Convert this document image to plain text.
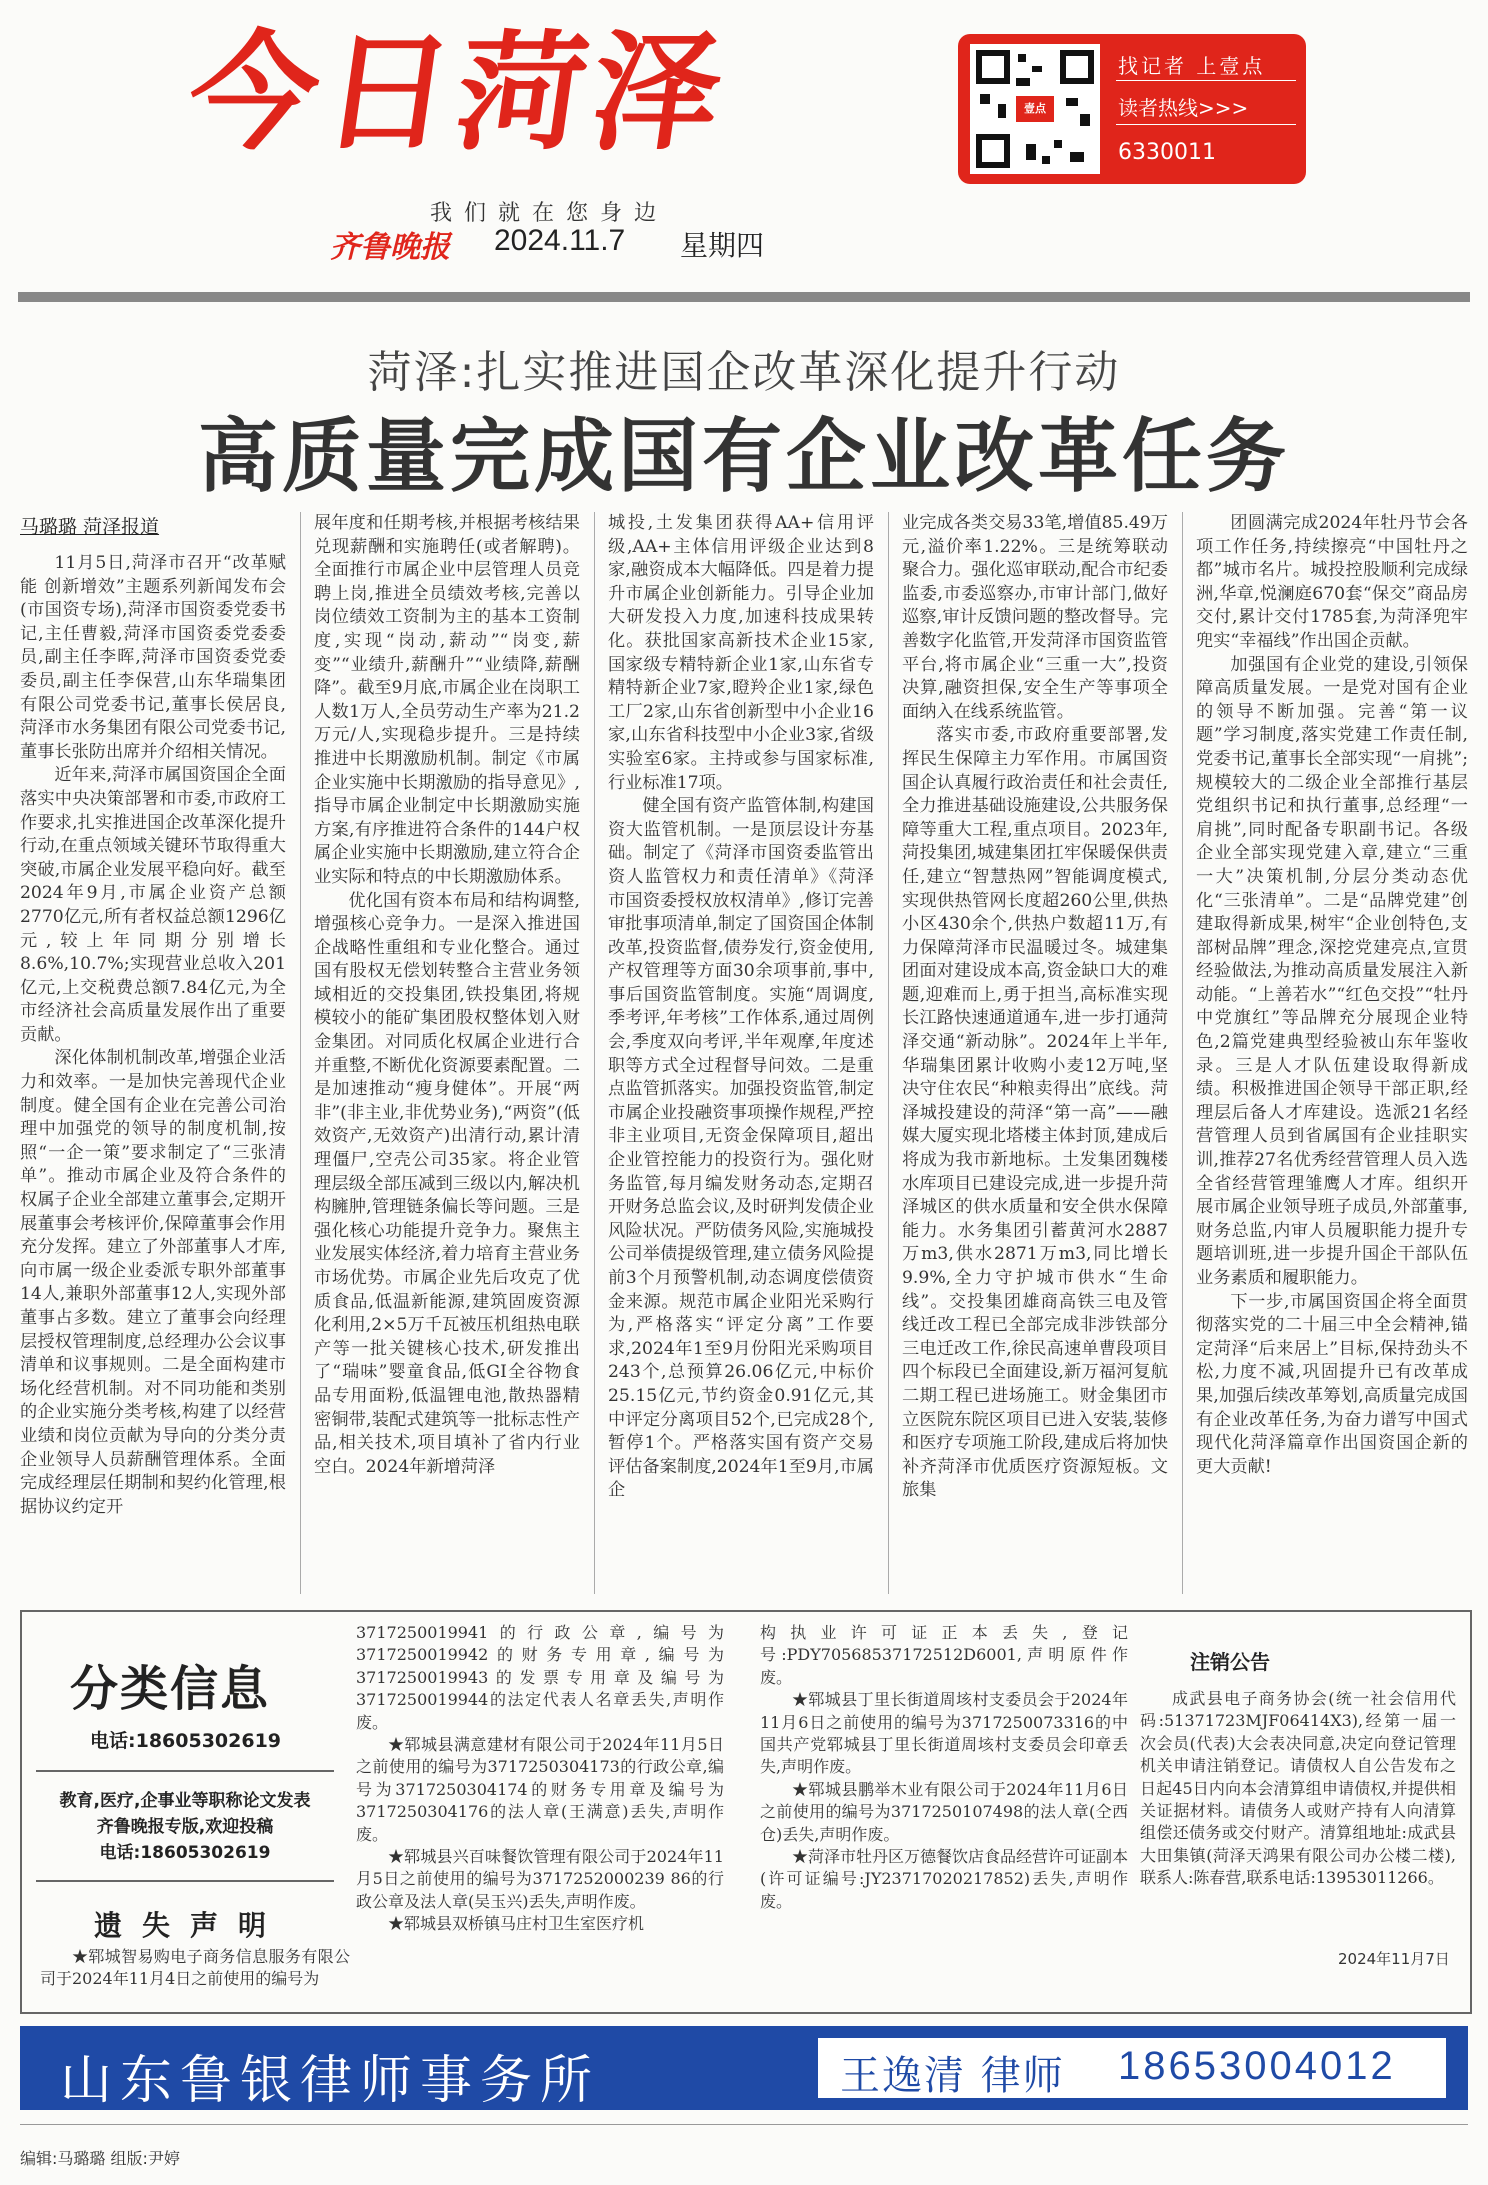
今日菏泽
我们就在您身边
齐鲁晚报 2024.11.7 星期四
壹点
找记者 上壹点
读者热线>>>
6330011
菏泽:扎实推进国企改革深化提升行动
高质量完成国有企业改革任务
马璐璐 菏泽报道

11月5日,菏泽市召开“改革赋能 创新增效”主题系列新闻发布会(市国资专场),菏泽市国资委党委书记,主任曹毅,菏泽市国资委党委委员,副主任李晖,菏泽市国资委党委委员,副主任李保营,山东华瑞集团有限公司党委书记,董事长侯居良,菏泽市水务集团有限公司党委书记,董事长张防出席并介绍相关情况。

近年来,菏泽市属国资国企全面落实中央决策部署和市委,市政府工作要求,扎实推进国企改革深化提升行动,在重点领域关键环节取得重大突破,市属企业发展平稳向好。截至2024年9月,市属企业资产总额2770亿元,所有者权益总额1296亿元,较上年同期分别增长8.6%,10.7%;实现营业总收入201亿元,上交税费总额7.84亿元,为全市经济社会高质量发展作出了重要贡献。

深化体制机制改革,增强企业活力和效率。一是加快完善现代企业制度。健全国有企业在完善公司治理中加强党的领导的制度机制,按照“一企一策”要求制定了“三张清单”。推动市属企业及符合条件的权属子企业全部建立董事会,定期开展董事会考核评价,保障董事会作用充分发挥。建立了外部董事人才库,向市属一级企业委派专职外部董事14人,兼职外部董事12人,实现外部董事占多数。建立了董事会向经理层授权管理制度,总经理办公会议事清单和议事规则。二是全面构建市场化经营机制。对不同功能和类别的企业实施分类考核,构建了以经营业绩和岗位贡献为导向的分类分责企业领导人员薪酬管理体系。全面完成经理层任期制和契约化管理,根据协议约定开

展年度和任期考核,并根据考核结果兑现薪酬和实施聘任(或者解聘)。全面推行市属企业中层管理人员竞聘上岗,推进全员绩效考核,完善以岗位绩效工资制为主的基本工资制度,实现“岗动,薪动”“岗变,薪变”“业绩升,薪酬升”“业绩降,薪酬降”。截至9月底,市属企业在岗职工人数1万人,全员劳动生产率为21.2万元/人,实现稳步提升。三是持续推进中长期激励机制。制定《市属企业实施中长期激励的指导意见》,指导市属企业制定中长期激励实施方案,有序推进符合条件的144户权属企业实施中长期激励,建立符合企业实际和特点的中长期激励体系。

优化国有资本布局和结构调整,增强核心竞争力。一是深入推进国企战略性重组和专业化整合。通过国有股权无偿划转整合主营业务领域相近的交投集团,铁投集团,将规模较小的能矿集团股权整体划入财金集团。对同质化权属企业进行合并重整,不断优化资源要素配置。二是加速推动“瘦身健体”。开展“两非”(非主业,非优势业务),“两资”(低效资产,无效资产)出清行动,累计清理僵尸,空壳公司35家。将企业管理层级全部压减到三级以内,解决机构臃肿,管理链条偏长等问题。三是强化核心功能提升竞争力。聚焦主业发展实体经济,着力培育主营业务市场优势。市属企业先后攻克了优质食品,低温新能源,建筑固废资源化利用,2×5万千瓦被压机组热电联产等一批关键核心技术,研发推出了“瑞味”婴童食品,低GI全谷物食品专用面粉,低温锂电池,散热器精密铜带,装配式建筑等一批标志性产品,相关技术,项目填补了省内行业空白。2024年新增菏泽

城投,土发集团获得AA+信用评级,AA+主体信用评级企业达到8家,融资成本大幅降低。四是着力提升市属企业创新能力。引导企业加大研发投入力度,加速科技成果转化。获批国家高新技术企业15家,国家级专精特新企业1家,山东省专精特新企业7家,瞪羚企业1家,绿色工厂2家,山东省创新型中小企业16家,山东省科技型中小企业3家,省级实验室6家。主持或参与国家标准,行业标准17项。

健全国有资产监管体制,构建国资大监管机制。一是顶层设计夯基础。制定了《菏泽市国资委监管出资人监管权力和责任清单》《菏泽市国资委授权放权清单》,修订完善审批事项清单,制定了国资国企体制改革,投资监督,债券发行,资金使用,产权管理等方面30余项事前,事中,事后国资监管制度。实施“周调度,季考评,年考核”工作体系,通过周例会,季度双向考评,半年观摩,年度述职等方式全过程督导问效。二是重点监管抓落实。加强投资监管,制定市属企业投融资事项操作规程,严控非主业项目,无资金保障项目,超出企业管控能力的投资行为。强化财务监管,每月编发财务动态,定期召开财务总监会议,及时研判发债企业风险状况。严防债务风险,实施城投公司举债提级管理,建立债务风险提前3个月预警机制,动态调度偿债资金来源。规范市属企业阳光采购行为,严格落实“评定分离”工作要求,2024年1至9月份阳光采购项目243个,总预算26.06亿元,中标价25.15亿元,节约资金0.91亿元,其中评定分离项目52个,已完成28个,暂停1个。严格落实国有资产交易评估备案制度,2024年1至9月,市属企

业完成各类交易33笔,增值85.49万元,溢价率1.22%。三是统筹联动聚合力。强化巡审联动,配合市纪委监委,市委巡察办,市审计部门,做好巡察,审计反馈问题的整改督导。完善数字化监管,开发菏泽市国资监管平台,将市属企业“三重一大”,投资决算,融资担保,安全生产等事项全面纳入在线系统监管。

落实市委,市政府重要部署,发挥民生保障主力军作用。市属国资国企认真履行政治责任和社会责任,全力推进基础设施建设,公共服务保障等重大工程,重点项目。2023年,菏投集团,城建集团扛牢保暖保供责任,建立“智慧热网”智能调度模式,实现供热管网长度超260公里,供热小区430余个,供热户数超11万,有力保障菏泽市民温暖过冬。城建集团面对建设成本高,资金缺口大的难题,迎难而上,勇于担当,高标准实现长江路快速通道通车,进一步打通菏泽交通“新动脉”。2024年上半年,华瑞集团累计收购小麦12万吨,坚决守住农民“种粮卖得出”底线。菏泽城投建设的菏泽“第一高”——融媒大厦实现北塔楼主体封顶,建成后将成为我市新地标。土发集团魏楼水库项目已建设完成,进一步提升菏泽城区的供水质量和安全供水保障能力。水务集团引蓄黄河水2887万m3,供水2871万m3,同比增长9.9%,全力守护城市供水“生命线”。交投集团雄商高铁三电及管线迁改工程已全部完成非涉铁部分三电迁改工作,徐民高速单曹段项目四个标段已全面建设,新万福河复航二期工程已进场施工。财金集团市立医院东院区项目已进入安装,装修和医疗专项施工阶段,建成后将加快补齐菏泽市优质医疗资源短板。文旅集

团圆满完成2024年牡丹节会各项工作任务,持续擦亮“中国牡丹之都”城市名片。城投控股顺利完成绿洲,华章,悦澜庭670套“保交”商品房交付,累计交付1785套,为菏泽兜牢兜实“幸福线”作出国企贡献。

加强国有企业党的建设,引领保障高质量发展。一是党对国有企业的领导不断加强。完善“第一议题”学习制度,落实党建工作责任制,党委书记,董事长全部实现“一肩挑”;规模较大的二级企业全部推行基层党组织书记和执行董事,总经理“一肩挑”,同时配备专职副书记。各级企业全部实现党建入章,建立“三重一大”决策机制,分层分类动态优化“三张清单”。二是“品牌党建”创建取得新成果,树牢“企业创特色,支部树品牌”理念,深挖党建亮点,宣贯经验做法,为推动高质量发展注入新动能。“上善若水”“红色交投”“牡丹中党旗红”等品牌充分展现企业特色,2篇党建典型经验被山东年鉴收录。三是人才队伍建设取得新成绩。积极推进国企领导干部正职,经理层后备人才库建设。选派21名经营管理人员到省属国有企业挂职实训,推荐27名优秀经营管理人员入选全省经营管理雏鹰人才库。组织开展市属企业领导班子成员,外部董事,财务总监,内审人员履职能力提升专题培训班,进一步提升国企干部队伍业务素质和履职能力。

下一步,市属国资国企将全面贯彻落实党的二十届三中全会精神,锚定菏泽“后来居上”目标,保持劲头不松,力度不减,巩固提升已有改革成果,加强后续改革筹划,高质量完成国有企业改革任务,为奋力谱写中国式现代化菏泽篇章作出国资国企新的更大贡献!

分类信息
电话:18605302619
教育,医疗,企事业等职称论文发表
齐鲁晚报专版,欢迎投稿
电话:18605302619
遗失声明

★郓城智易购电子商务信息服务有限公司于2024年11月4日之前使用的编号为

3717250019941的行政公章,编号为3717250019942的财务专用章,编号为3717250019943的发票专用章及编号为3717250019944的法定代表人名章丢失,声明作废。

★郓城县满意建材有限公司于2024年11月5日之前使用的编号为3717250304173的行政公章,编号为3717250304174的财务专用章及编号为3717250304176的法人章(王满意)丢失,声明作废。

★郓城县兴百味餐饮管理有限公司于2024年11月5日之前使用的编号为3717252000239 86的行政公章及法人章(吴玉兴)丢失,声明作废。

★郓城县双桥镇马庄村卫生室医疗机

构执业许可证正本丢失,登记号:PDY70568537172512D6001,声明原件作废。

★郓城县丁里长街道周垓村支委员会于2024年11月6日之前使用的编号为3717250073316的中国共产党郓城县丁里长街道周垓村支委员会印章丢失,声明作废。

★郓城县鹏举木业有限公司于2024年11月6日之前使用的编号为3717250107498的法人章(仝西仓)丢失,声明作废。

★菏泽市牡丹区万德餐饮店食品经营许可证副本(许可证编号:JY23717020217852)丢失,声明作废。

注销公告

成武县电子商务协会(统一社会信用代码:51371723MJF06414X3),经第一届一次会员(代表)大会表决同意,决定向登记管理机关申请注销登记。请债权人自公告发布之日起45日内向本会清算组申请债权,并提供相关证据材料。请债务人或财产持有人向清算组偿还债务或交付财产。清算组地址:成武县大田集镇(菏泽天鸿果有限公司办公楼二楼),联系人:陈春营,联系电话:13953011266。

2024年11月7日
山东鲁银律师事务所	王逸清 律师 18653004012
编辑:马璐璐 组版:尹婷
